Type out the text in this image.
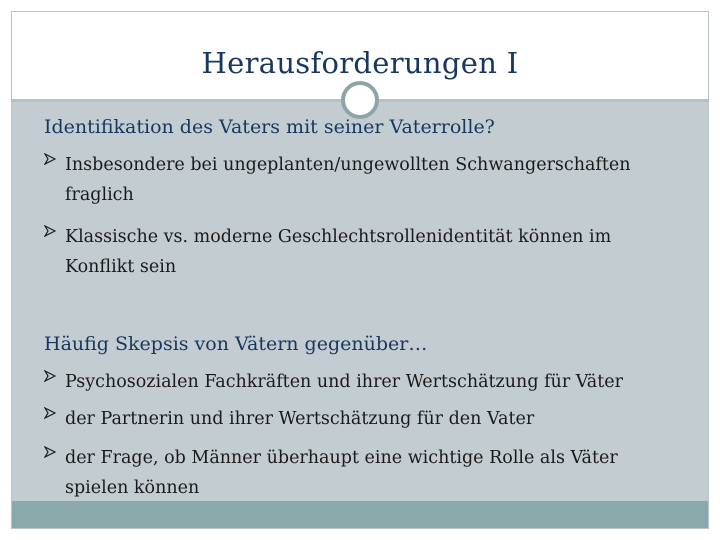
Herausforderungen I
Identifikation des Vaters mit seiner Vaterrolle?
Insbesondere bei ungeplanten/ungewollten Schwangerschaften fraglich
Klassische vs. moderne Geschlechtsrollenidentität können im Konflikt sein
Häufig Skepsis von Vätern gegenüber…
Psychosozialen Fachkräften und ihrer Wertschätzung für Väter
der Partnerin und ihrer Wertschätzung für den Vater
der Frage, ob Männer überhaupt eine wichtige Rolle als Väter spielen können
